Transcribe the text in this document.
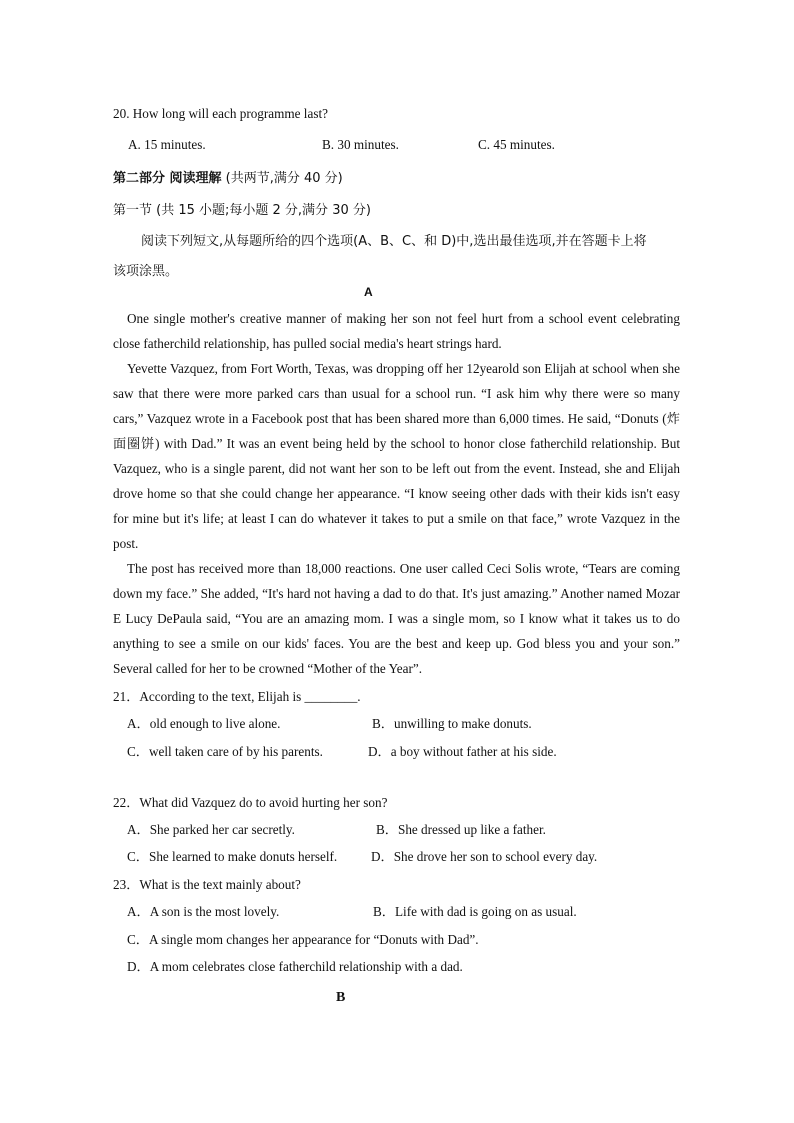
20. How long will each programme last?
A. 15 minutes.	B. 30 minutes.	C. 45 minutes.
第二部分 阅读理解 (共两节,满分 40 分)
第一节 (共 15 小题;每小题 2 分,满分 30 分)
阅读下列短文,从每题所给的四个选项(A、B、C、和 D)中,选出最佳选项,并在答题卡上将
该项涂黑。
A

One single mother's creative manner of making her son not feel hurt from a school event celebrating close fatherchild relationship, has pulled social media's heart strings hard.

Yevette Vazquez, from Fort Worth, Texas, was dropping off her 12yearold son Elijah at school when she saw that there were more parked cars than usual for a school run. “I ask him why there were so many cars,” Vazquez wrote in a Facebook post that has been shared more than 6,000 times. He said, “Donuts (炸面圈饼) with Dad.” It was an event being held by the school to honor close fatherchild relationship. But Vazquez, who is a single parent, did not want her son to be left out from the event. Instead, she and Elijah drove home so that she could change her appearance. “I know seeing other dads with their kids isn't easy for mine but it's life; at least I can do whatever it takes to put a smile on that face,” wrote Vazquez in the post.

The post has received more than 18,000 reactions. One user called Ceci Solis wrote, “Tears are coming down my face.” She added, “It's hard not having a dad to do that. It's just amazing.” Another named Mozar E Lucy DePaula said, “You are an amazing mom. I was a single mom, so I know what it takes us to do anything to see a smile on our kids' faces. You are the best and keep up. God bless you and your son.” Several called for her to be crowned “Mother of the Year”.

21．According to the text, Elijah is ________.
A．old enough to live alone.	B．unwilling to make donuts.
C．well taken care of by his parents.	D．a boy without father at his side.
22．What did Vazquez do to avoid hurting her son?
A．She parked her car secretly.	B．She dressed up like a father.
C．She learned to make donuts herself.	D．She drove her son to school every day.
23．What is the text mainly about?
A．A son is the most lovely.	B．Life with dad is going on as usual.
C．A single mom changes her appearance for “Donuts with Dad”.
D．A mom celebrates close fatherchild relationship with a dad.
B
